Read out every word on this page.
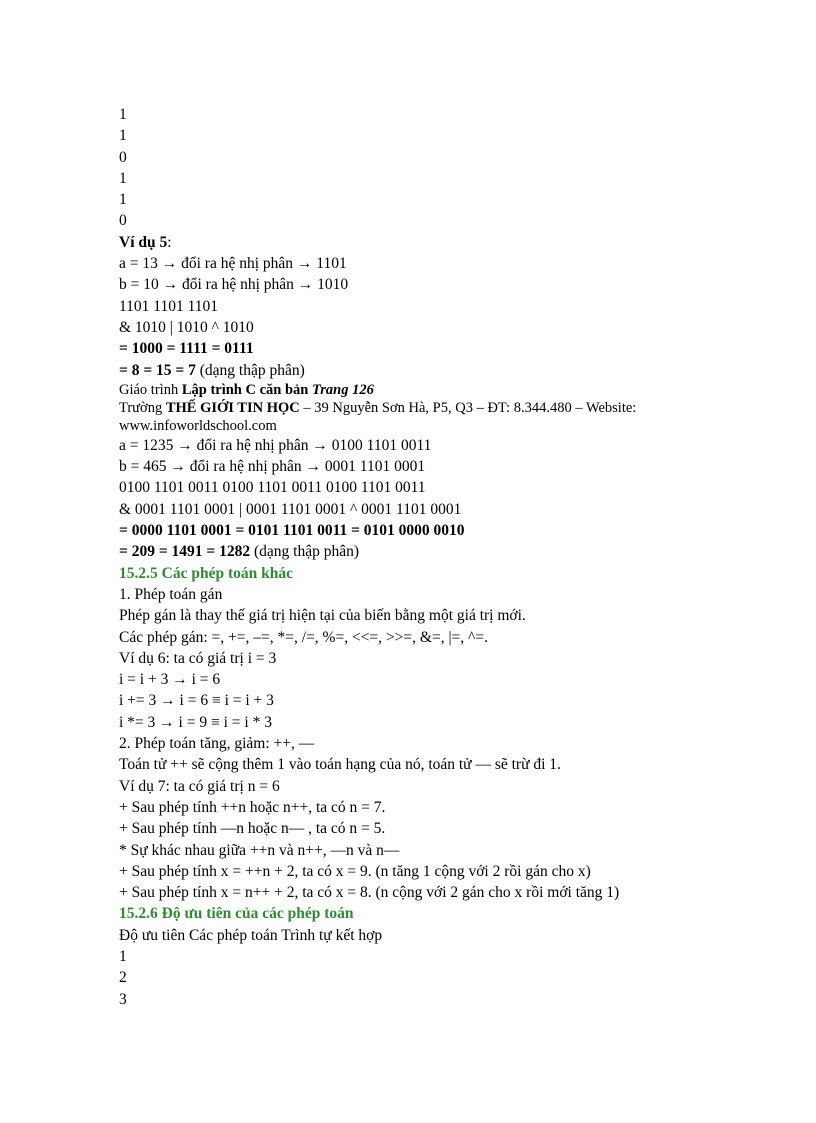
1
1
0
1
1
0
Ví dụ 5:
a = 13 → đổi ra hệ nhị phân → 1101
b = 10 → đổi ra hệ nhị phân → 1010
1101 1101 1101
& 1010 | 1010 ^ 1010
= 1000 = 1111 = 0111
= 8 = 15 = 7 (dạng thập phân)
Giáo trình Lập trình C căn bản Trang 126
Trường THẾ GIỚI TIN HỌC – 39 Nguyễn Sơn Hà, P5, Q3 – ĐT: 8.344.480 – Website:
www.infoworldschool.com
a = 1235 → đổi ra hệ nhị phân → 0100 1101 0011
b = 465 → đổi ra hệ nhị phân → 0001 1101 0001
0100 1101 0011 0100 1101 0011 0100 1101 0011
& 0001 1101 0001 | 0001 1101 0001 ^ 0001 1101 0001
= 0000 1101 0001 = 0101 1101 0011 = 0101 0000 0010
= 209 = 1491 = 1282 (dạng thập phân)
15.2.5 Các phép toán khác
1. Phép toán gán
Phép gán là thay thế giá trị hiện tại của biến bằng một giá trị mới.
Các phép gán: =, +=, –=, *=, /=, %=, <<=, >>=, &=, |=, ^=.
Ví dụ 6: ta có giá trị i = 3
i = i + 3 → i = 6
i += 3 → i = 6 ≡ i = i + 3
i *= 3 → i = 9 ≡ i = i * 3
2. Phép toán tăng, giảm: ++, —
Toán tử ++ sẽ cộng thêm 1 vào toán hạng của nó, toán tử — sẽ trừ đi 1.
Ví dụ 7: ta có giá trị n = 6
+ Sau phép tính ++n hoặc n++, ta có n = 7.
+ Sau phép tính —n hoặc n— , ta có n = 5.
* Sự khác nhau giữa ++n và n++, —n và n—
+ Sau phép tính x = ++n + 2, ta có x = 9. (n tăng 1 cộng với 2 rồi gán cho x)
+ Sau phép tính x = n++ + 2, ta có x = 8. (n cộng với 2 gán cho x rồi mới tăng 1)
15.2.6 Độ ưu tiên của các phép toán
Độ ưu tiên Các phép toán Trình tự kết hợp
1
2
3
